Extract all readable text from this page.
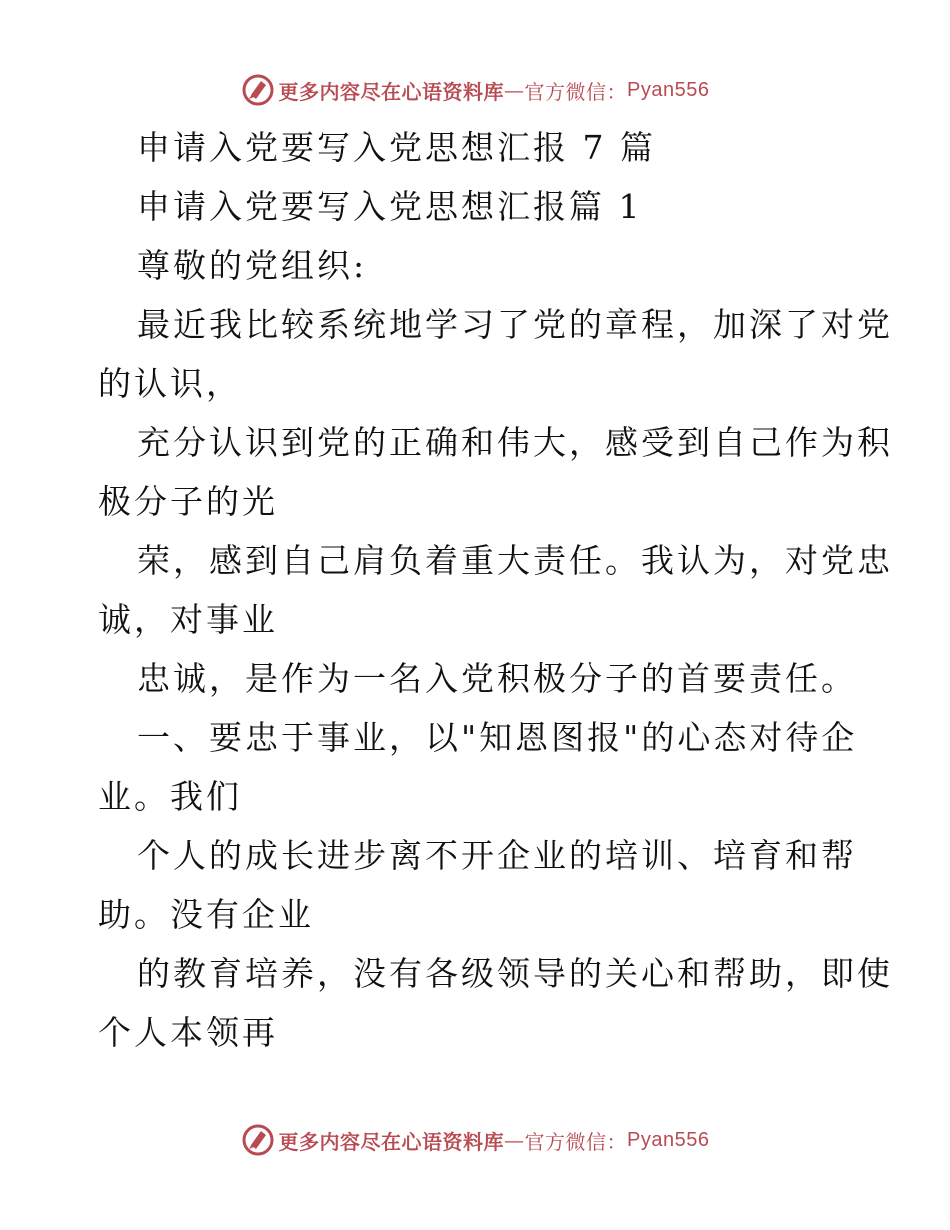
更多内容尽在心语资料库 — 官方微信： Pyan556
申请入党要写入党思想汇报 7 篇
申请入党要写入党思想汇报篇 1
尊敬的党组织:
最近我比较系统地学习了党的章程，加深了对党
的认识，
充分认识到党的正确和伟大，感受到自己作为积
极分子的光
荣，感到自己肩负着重大责任。我认为，对党忠
诚，对事业
忠诚，是作为一名入党积极分子的首要责任。
一、要忠于事业，以"知恩图报"的心态对待企
业。我们
个人的成长进步离不开企业的培训、培育和帮
助。没有企业
的教育培养，没有各级领导的关心和帮助，即使
个人本领再
更多内容尽在心语资料库 — 官方微信： Pyan556
